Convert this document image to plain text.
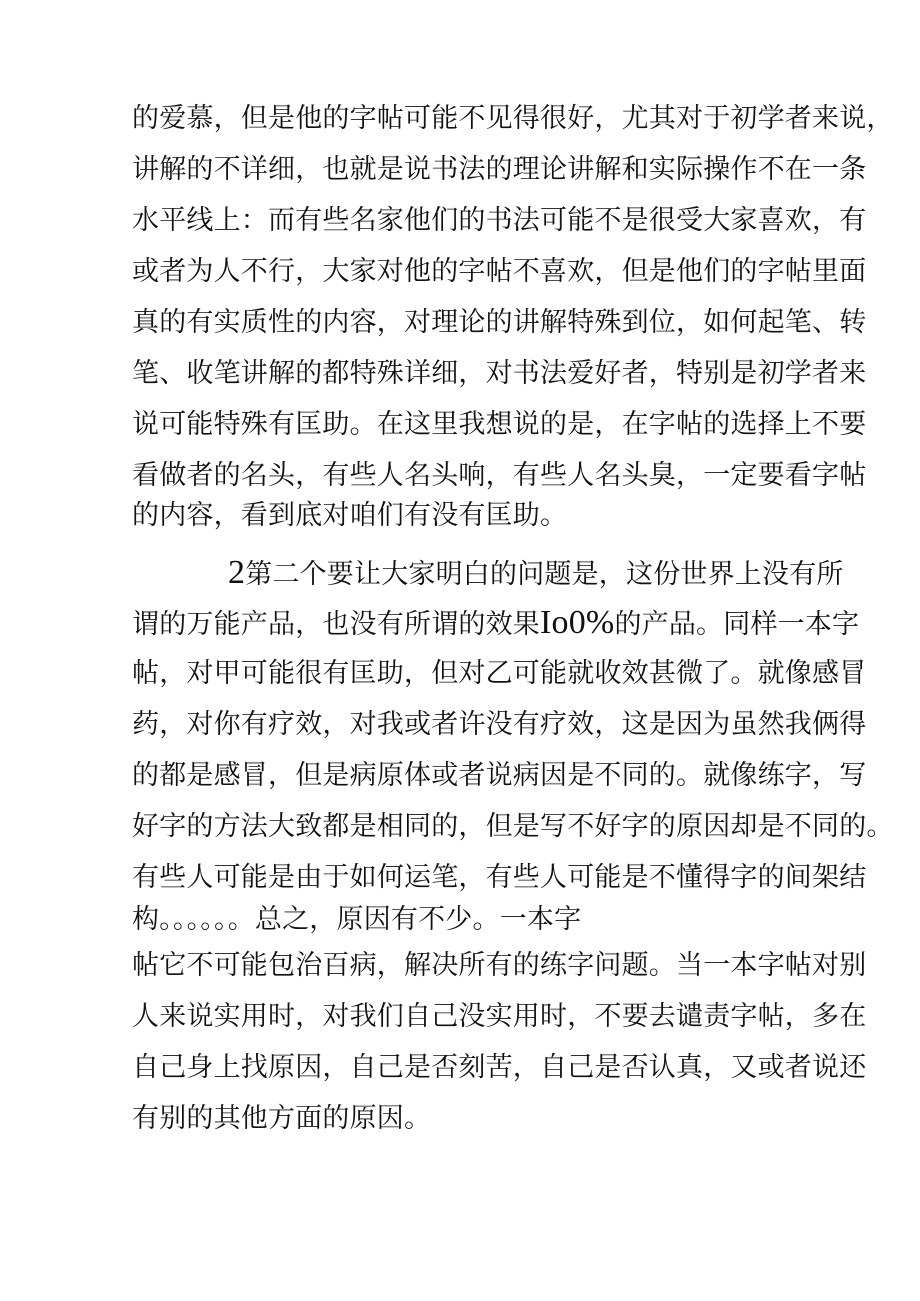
的爱慕，但是他的字帖可能不见得很好，尤其对于初学者来说，
讲解的不详细，也就是说书法的理论讲解和实际操作不在一条
水平线上：而有些名家他们的书法可能不是很受大家喜欢，有
或者为人不行，大家对他的字帖不喜欢，但是他们的字帖里面
真的有实质性的内容，对理论的讲解特殊到位，如何起笔、转
笔、收笔讲解的都特殊详细，对书法爱好者，特别是初学者来
说可能特殊有匡助。在这里我想说的是，在字帖的选择上不要
看做者的名头，有些人名头响，有些人名头臭，一定要看字帖
的内容，看到底对咱们有没有匡助。
2第二个要让大家明白的问题是，这份世界上没有所
谓的万能产品，也没有所谓的效果Io0%的产品。同样一本字
帖，对甲可能很有匡助，但对乙可能就收效甚微了。就像感冒
药，对你有疗效，对我或者许没有疗效，这是因为虽然我俩得
的都是感冒，但是病原体或者说病因是不同的。就像练字，写
好字的方法大致都是相同的，但是写不好字的原因却是不同的。
有些人可能是由于如何运笔，有些人可能是不懂得字的间架结
构。。。。。。总之，原因有不少。一本字
帖它不可能包治百病，解决所有的练字问题。当一本字帖对别
人来说实用时，对我们自己没实用时，不要去谴责字帖，多在
自己身上找原因，自己是否刻苦，自己是否认真，又或者说还
有别的其他方面的原因。
